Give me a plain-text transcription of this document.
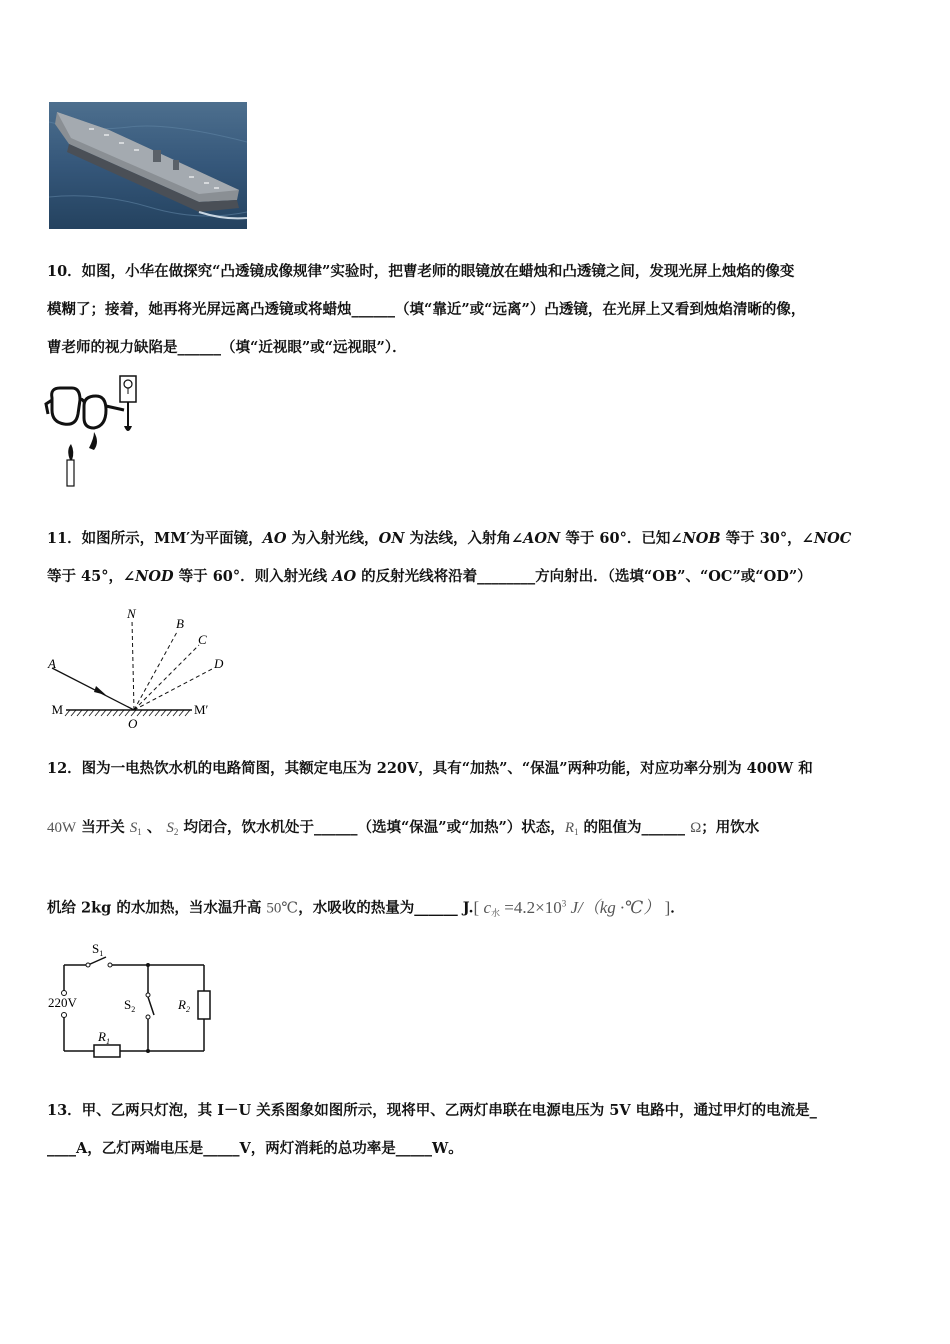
10．如图，小华在做探究“凸透镜成像规律”实验时，把曹老师的眼镜放在蜡烛和凸透镜之间，发现光屏上烛焰的像变
模糊了；接着，她再将光屏远离凸透镜或将蜡烛______（填“靠近”或“远离”）凸透镜，在光屏上又看到烛焰清晰的像，
曹老师的视力缺陷是______（填“近视眼”或“远视眼”）．
11．如图所示，MM′为平面镜，AO 为入射光线，ON 为法线，入射角∠AON 等于 60°．已知∠NOB 等于 30°，∠NOC
等于 45°，∠NOD 等于 60°．则入射光线 AO 的反射光线将沿着________方向射出．（选填“OB”、“OC”或“OD”）
N
B
C
D
A
M	M′
O
12．图为一电热饮水机的电路简图，其额定电压为 220V，具有“加热”、“保温”两种功能，对应功率分别为 400W 和
40W 当开关 $S_1$ 、 $S_2$ 均闭合，饮水机处于______（选填“保温”或“加热”）状态，$R_1$ 的阻值为______ Ω；用饮水
机给 2kg 的水加热，当水温升高 50℃，水吸收的热量为______ J.[ $c_水 =4.2\times 10^3$ J/（kg ·℃） ]．
$S_1$
220V	$S_2$	$R_2$
$R_1$
13．甲、乙两只灯泡，其 I－U 关系图象如图所示，现将甲、乙两灯串联在电源电压为 5V 电路中，通过甲灯的电流是_
____A，乙灯两端电压是_____V，两灯消耗的总功率是_____W。
